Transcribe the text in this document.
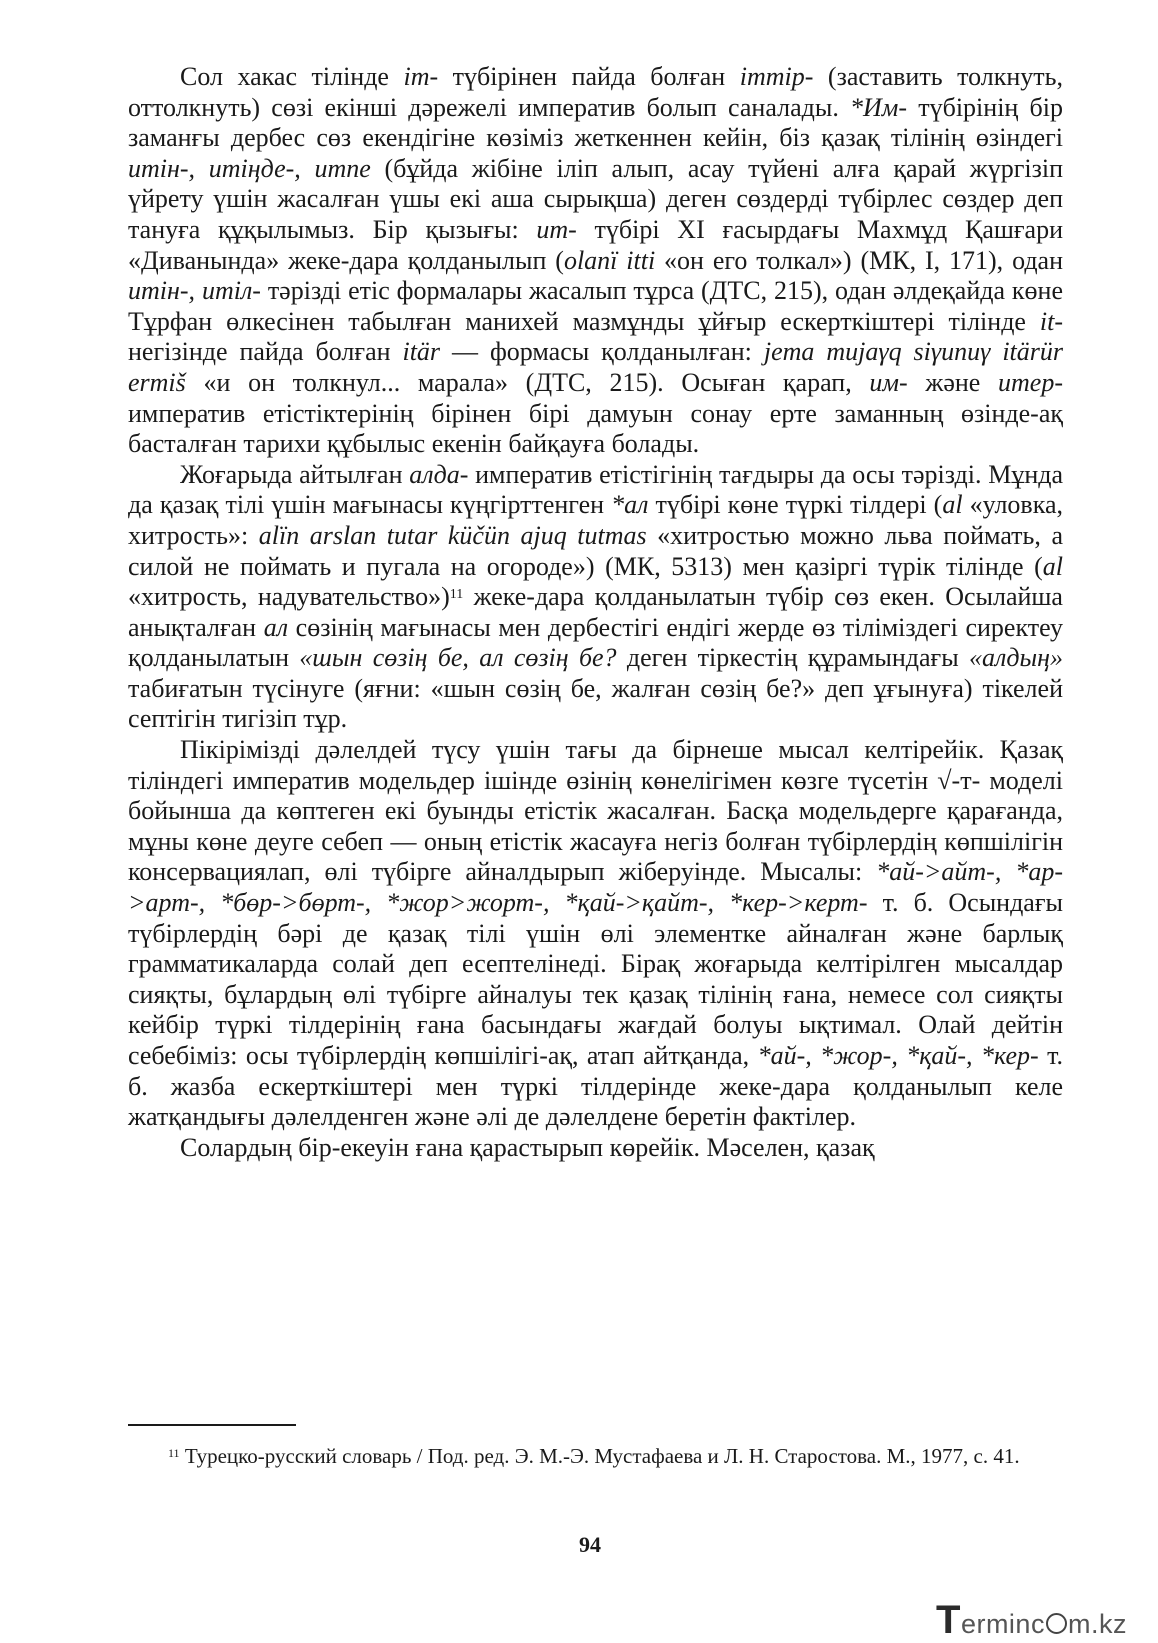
Сол хакас тілінде im- түбірінен пайда болған immip- (заставить толкнуть, оттолкнуть) сөзі екінші дәрежелі императив болып саналады. *Им- түбірінің бір заманғы дербес сөз екендігіне көзіміз жеткеннен кейін, біз қазақ тілінің өзіндегі итін-, итіңде-, итпе (бұйда жібіне іліп алып, асау түйені алға қарай жүргізіп үйрету үшін жасалған үшы екі аша сырықша) деген сөздерді түбірлес сөздер деп тануға құқылымыз. Бір қызығы: ит- түбірі XI ғасырдағы Махмұд Қашғари «Диванында» жеке-дара қолданылып (olanї itti «он его толкал») (МК, I, 171), одан итін-, итіл- тәрізді етіс формалары жасалып тұрса (ДТС, 215), одан әлдеқайда көне Тұрфан өлкесінен табылған манихей мазмұнды ұйғыр ескерткіштері тілінде it- негізінде пайда болған itär — формасы қолданылған: jema mujaγq siγunuγ itärür ermiš «и он толкнул... марала» (ДТС, 215). Осыған қарап, им- және итер- императив етістіктерінің бірінен бірі дамуын сонау ерте заманның өзінде-ақ басталған тарихи құбылыс екенін байқауға болады.

Жоғарыда айтылған алда- императив етістігінің тағдыры да осы тәрізді. Мұнда да қазақ тілі үшін мағынасы күңгірттенген *ал түбірі көне түркі тілдері (al «уловка, хитрость»: alïn arslan tutar küčün ajuq tutmas «хитростью можно льва поймать, а силой не поймать и пугала на огороде») (МК, 5313) мен қазіргі түрік тілінде (al «хитрость, надувательство»)$^{11}$ жеке-дара қолданылатын түбір сөз екен. Осылайша анықталған ал сөзінің мағынасы мен дербестігі ендігі жерде өз тіліміздегі сиректеу қолданылатын «шын сөзің бе, ал сөзің бе? деген тіркестің құрамындағы «алдың» табиғатын түсінуге (яғни: «шын сөзің бе, жалған сөзің бе?» деп ұғынуға) тікелей септігін тигізіп тұр.

Пікірімізді дәлелдей түсу үшін тағы да бірнеше мысал келтірейік. Қазақ тіліндегі императив модельдер ішінде өзінің көнелігімен көзге түсетін √-т- моделі бойынша да көптеген екі буынды етістік жасалған. Басқа модельдерге қарағанда, мұны көне деуге себеп — оның етістік жасауға негіз болған түбірлердің көпшілігін консервациялап, өлі түбірге айналдырып жіберуінде. Мысалы: *ай->айт-, *ар->арт-, *бөр->бөрт-, *жор>жорт-, *қай->қайт-, *кер->керт- т. б. Осындағы түбірлердің бәрі де қазақ тілі үшін өлі элементке айналған және барлық грамматикаларда солай деп есептелінеді. Бірақ жоғарыда келтірілген мысалдар сияқты, бұлардың өлі түбірге айналуы тек қазақ тілінің ғана, немесе сол сияқты кейбір түркі тілдерінің ғана басындағы жағдай болуы ықтимал. Олай дейтін себебіміз: осы түбірлердің көпшілігі-ақ, атап айтқанда, *ай-, *жор-, *қай-, *кер- т. б. жазба ескерткіштері мен түркі тілдерінде жеке-дара қолданылып келе жатқандығы дәлелденген және әлі де дәлелдене беретін фактілер.

Солардың бір-екеуін ғана қарастырып көрейік. Мәселен, қазақ

$^{11}$ Турецко-русский словарь / Под. ред. Э. М.-Э. Мустафаева и Л. Н. Старостова. М., 1977, с. 41.
94
Terminc m.kz
